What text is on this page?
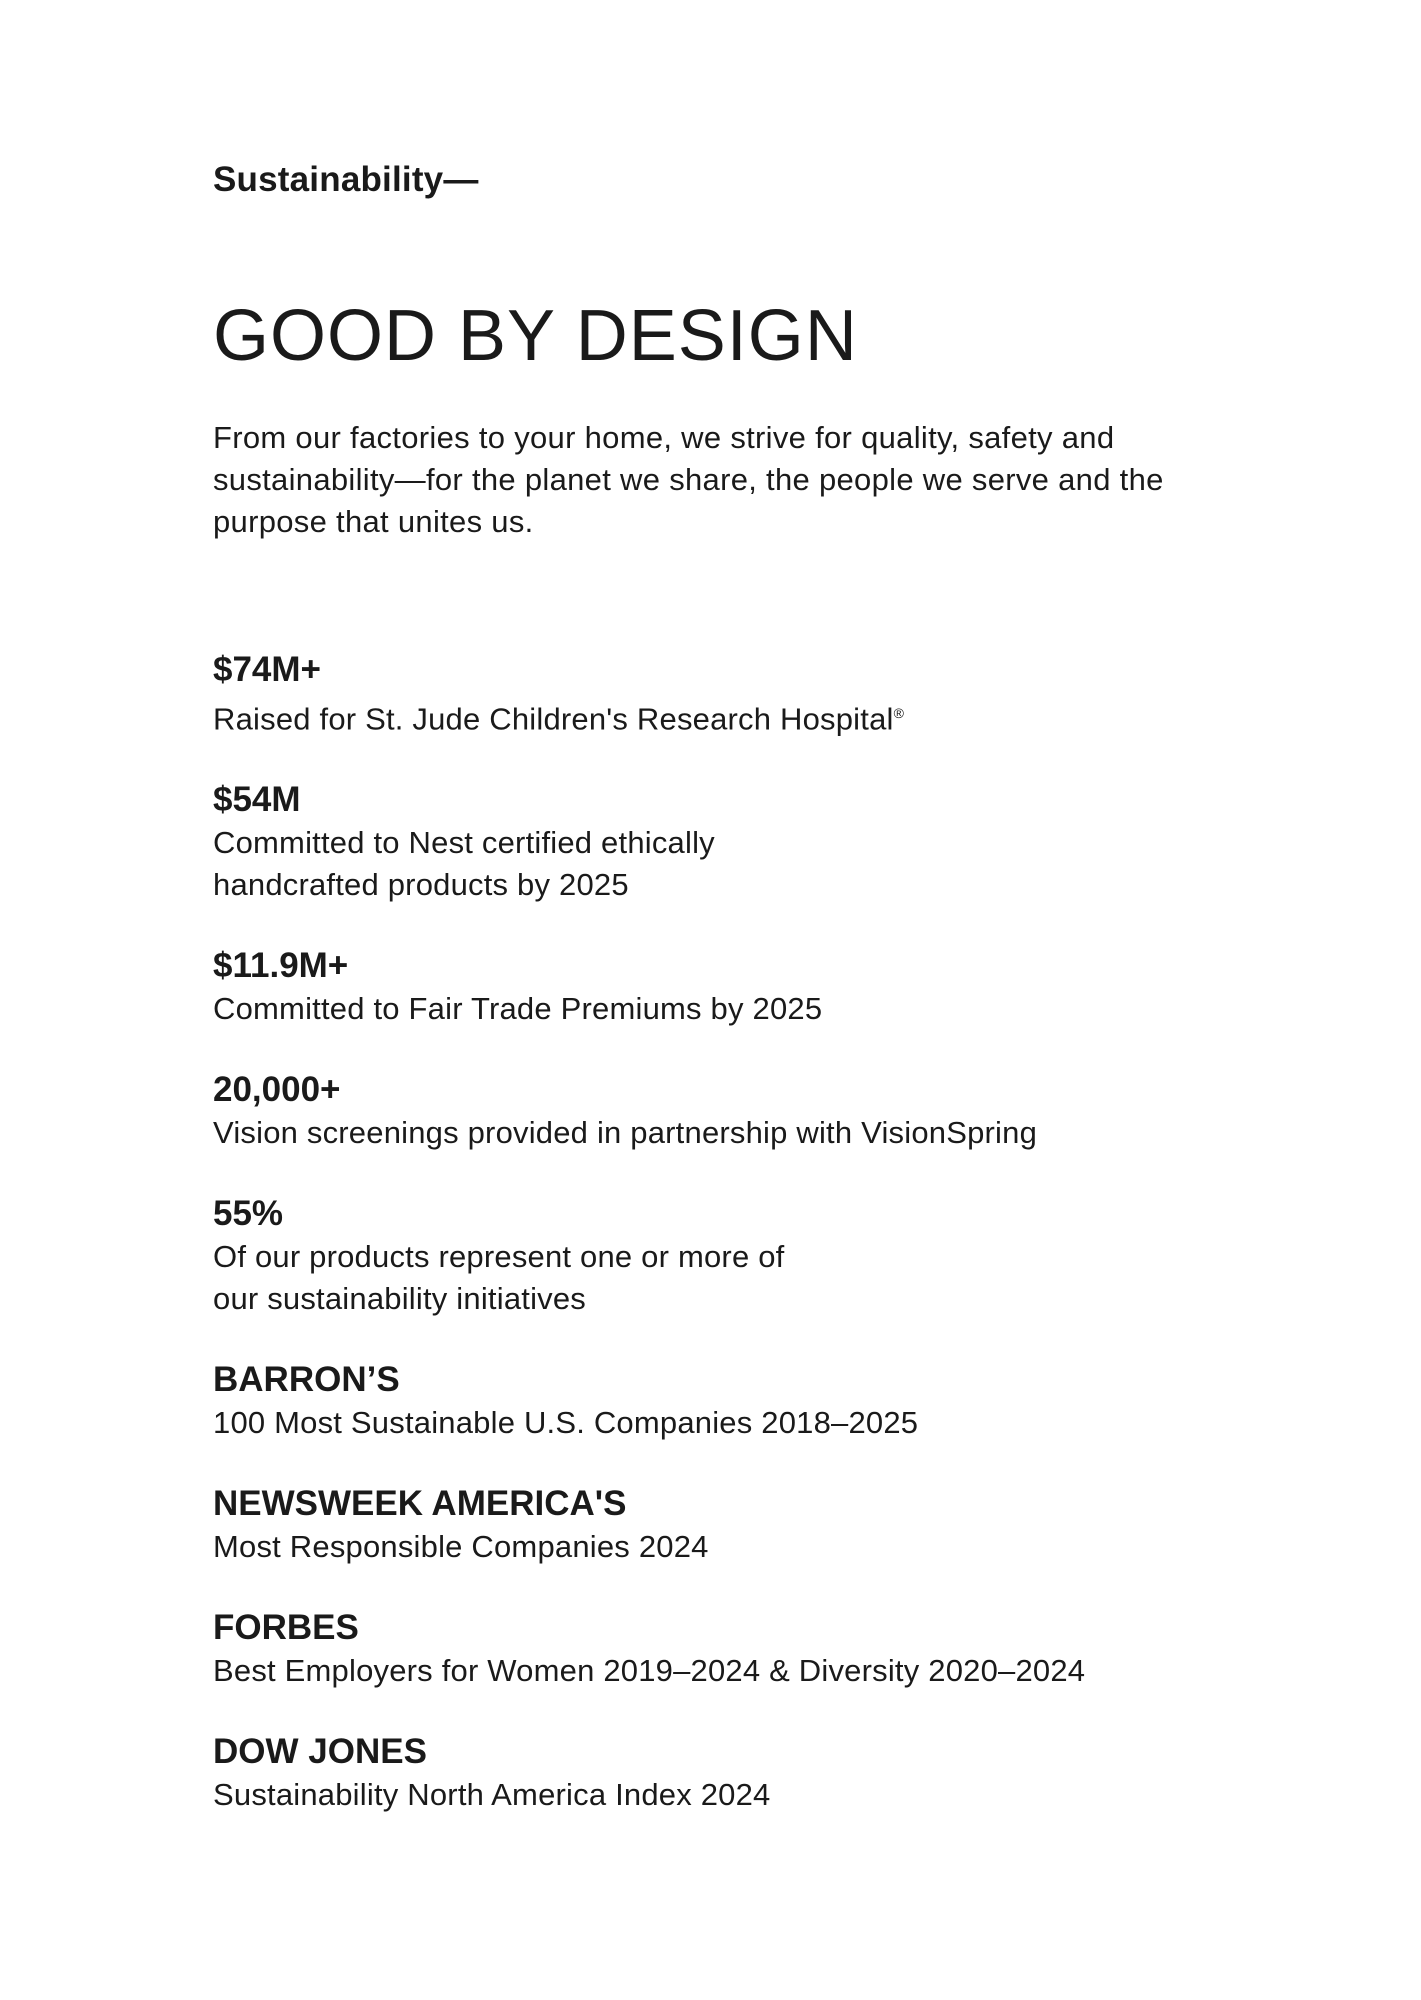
Sustainability—
GOOD BY DESIGN

From our factories to your home, we strive for quality, safety and sustainability—for the planet we share, the people we serve and the purpose that unites us.

$74M+
Raised for St. Jude Children's Research Hospital®
$54M
Committed to Nest certified ethically
handcrafted products by 2025
$11.9M+
Committed to Fair Trade Premiums by 2025
20,000+
Vision screenings provided in partnership with VisionSpring
55%
Of our products represent one or more of
our sustainability initiatives
BARRON’S
100 Most Sustainable U.S. Companies 2018–2025
NEWSWEEK AMERICA'S
Most Responsible Companies 2024
FORBES
Best Employers for Women 2019–2024 & Diversity 2020–2024
DOW JONES
Sustainability North America Index 2024
